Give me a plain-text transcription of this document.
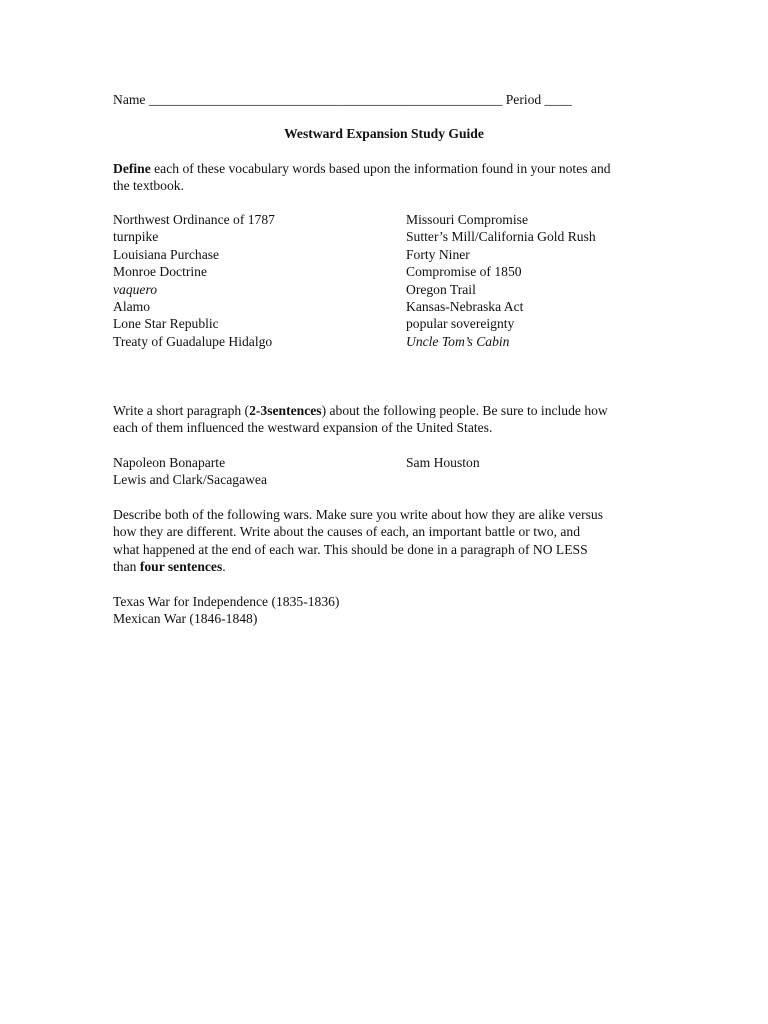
Name ____________________________________________________ Period ____
Westward Expansion Study Guide
Define each of these vocabulary words based upon the information found in your notes and
the textbook.
Northwest Ordinance of 1787
turnpike
Louisiana Purchase
Monroe Doctrine
vaquero
Alamo
Lone Star Republic
Treaty of Guadalupe Hidalgo
Missouri Compromise
Sutter’s Mill/California Gold Rush
Forty Niner
Compromise of 1850
Oregon Trail
Kansas-Nebraska Act
popular sovereignty
Uncle Tom’s Cabin
Write a short paragraph (2-3sentences) about the following people. Be sure to include how
each of them influenced the westward expansion of the United States.
Napoleon Bonaparte
Lewis and Clark/Sacagawea
Sam Houston
Describe both of the following wars. Make sure you write about how they are alike versus
how they are different. Write about the causes of each, an important battle or two, and
what happened at the end of each war. This should be done in a paragraph of NO LESS
than four sentences.
Texas War for Independence (1835-1836)
Mexican War (1846-1848)
